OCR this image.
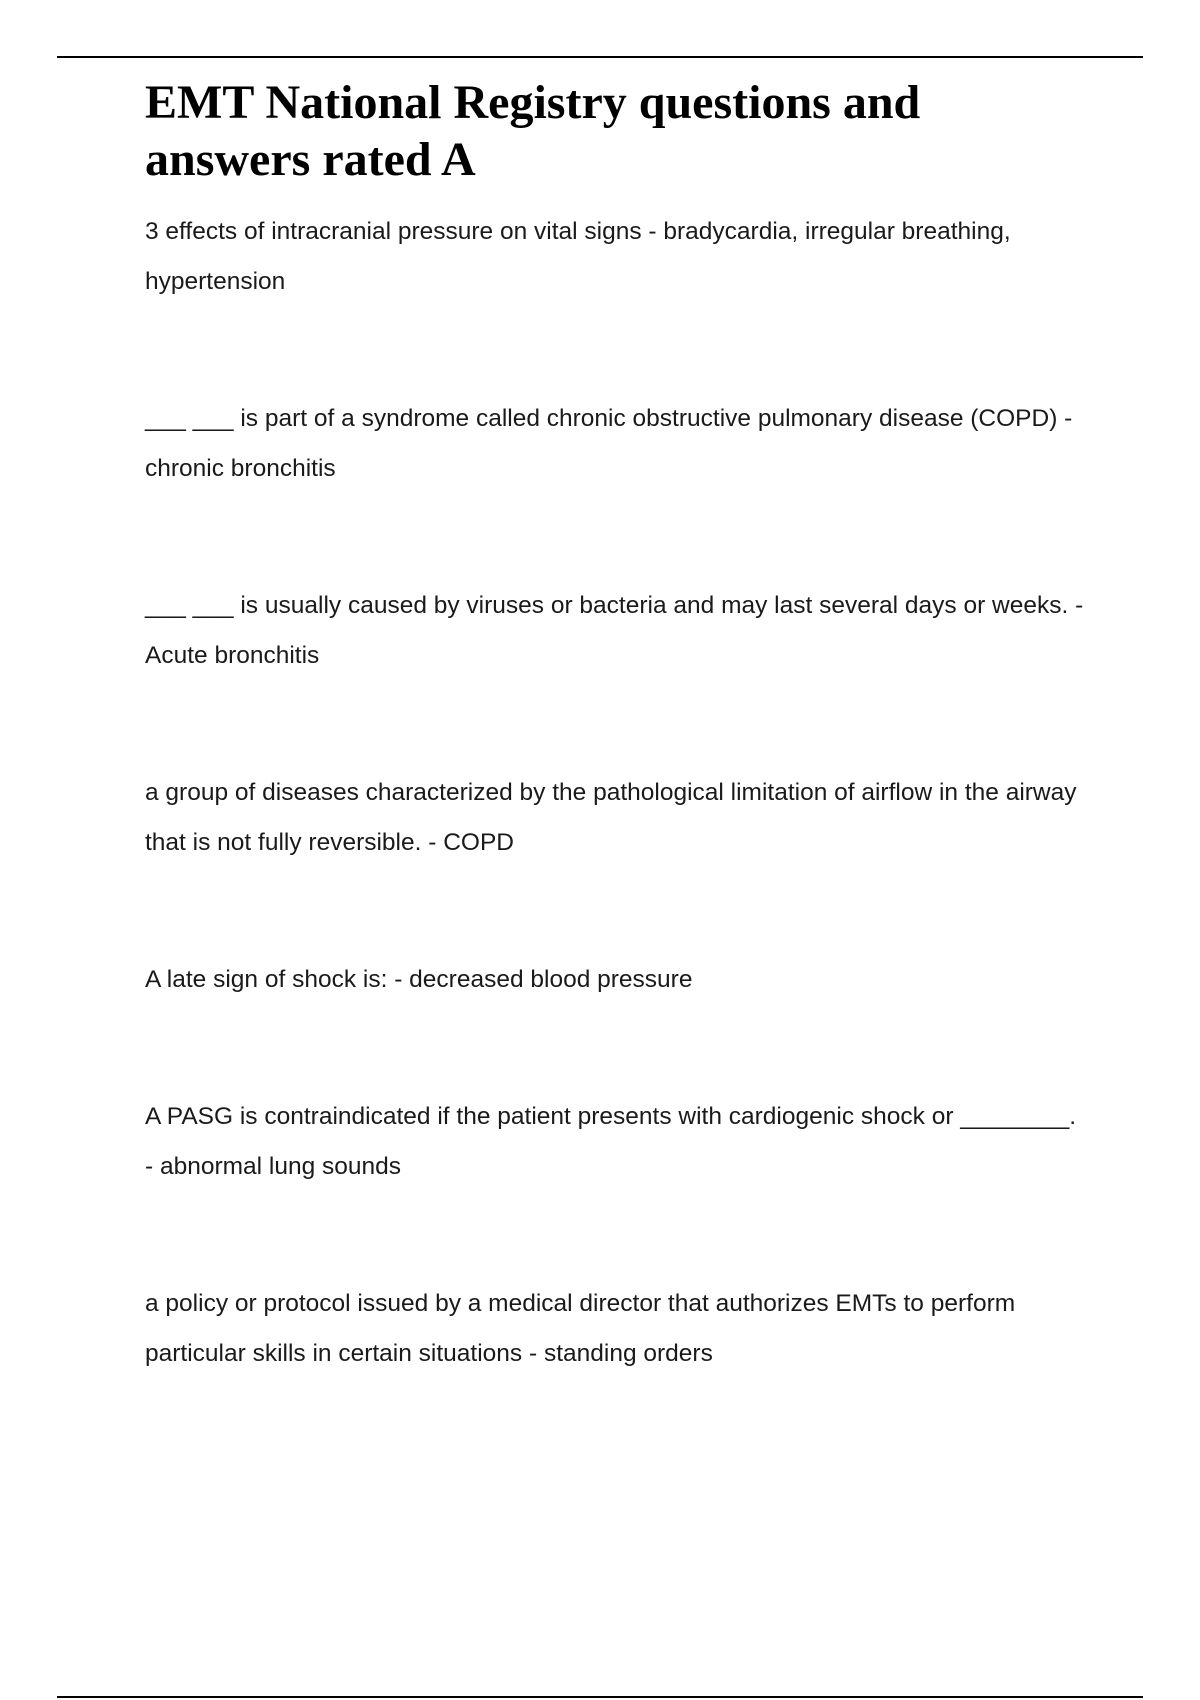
EMT National Registry questions and answers rated A
3 effects of intracranial pressure on vital signs - bradycardia, irregular breathing, hypertension
___ ___ is part of a syndrome called chronic obstructive pulmonary disease (COPD) - chronic bronchitis
___ ___ is usually caused by viruses or bacteria and may last several days or weeks. - Acute bronchitis
a group of diseases characterized by the pathological limitation of airflow in the airway that is not fully reversible. - COPD
A late sign of shock is: - decreased blood pressure
A PASG is contraindicated if the patient presents with cardiogenic shock or ________. - abnormal lung sounds
a policy or protocol issued by a medical director that authorizes EMTs to perform particular skills in certain situations - standing orders
